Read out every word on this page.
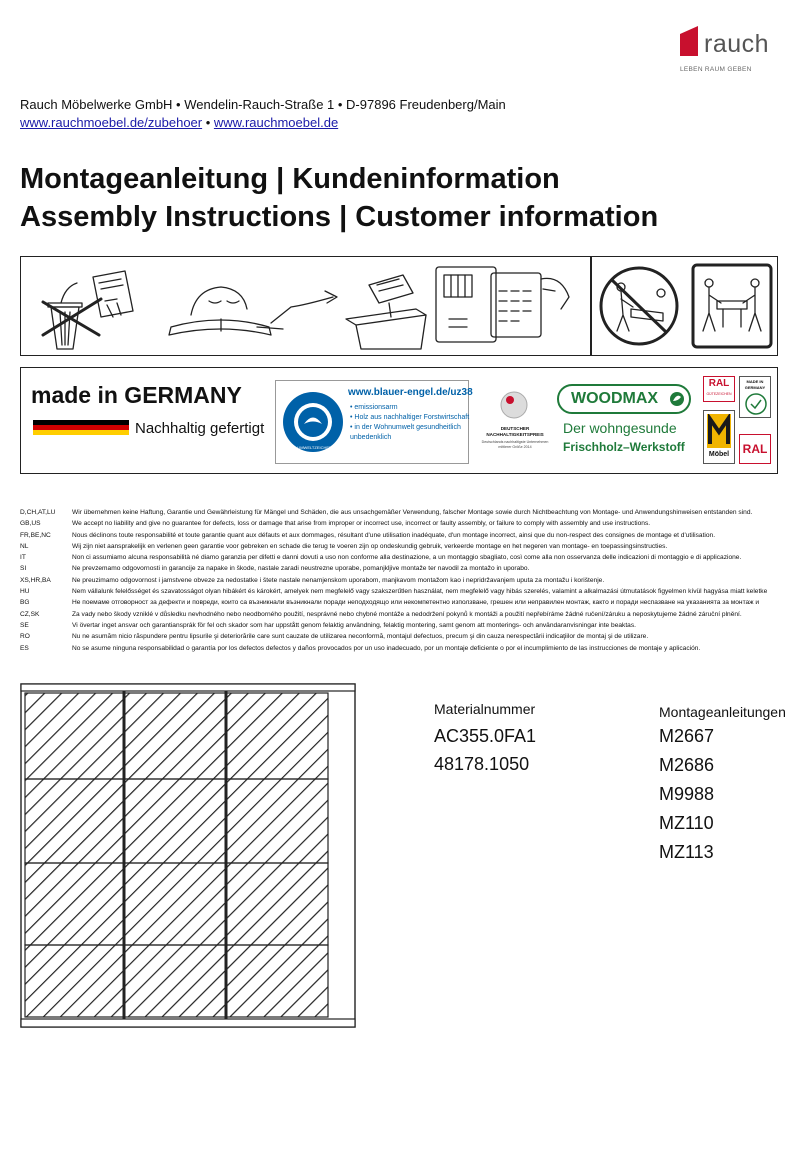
rauch
LEBEN RAUM GEBEN
Rauch Möbelwerke GmbH • Wendelin-Rauch-Straße 1 • D-97896 Freudenberg/Main
www.rauchmoebel.de/zubehoer • www.rauchmoebel.de
Montageanleitung | Kundeninformation
Assembly Instructions | Customer information
made in GERMANY
Nachhaltig gefertigt
BLAUER ENGEL
DAS UMWELTZEICHEN
www.blauer-engel.de/uz38
• emissionsarm
• Holz aus nachhaltiger Forstwirtschaft
• in der Wohnumwelt gesundheitlich unbedenklich
DEUTSCHER NACHHALTIGKEITSPREIS
Deutschlands nachhaltigste Unternehmen mittlerer Größe 2014
WOODMAX
Der wohngesunde
Frischholz–Werkstoff
RAL
GÜTEZEICHEN
MADE IN GERMANY
Möbel	RAL
D,CH,AT,LU	Wir übernehmen keine Haftung, Garantie und Gewährleistung für Mängel und Schäden, die aus unsachgemäßer Verwendung, falscher Montage sowie durch Nichtbeachtung von Montage- und Anwendungshinweisen entstanden sind.
GB,US	We accept no liability and give no guarantee for defects, loss or damage that arise from improper or incorrect use, incorrect or faulty assembly, or failure to comply with assembly and use instructions.
FR,BE,NC	Nous déclinons toute responsabilité et toute garantie quant aux défauts et aux dommages, résultant d'une utilisation inadéquate, d'un montage incorrect, ainsi que du non-respect des consignes de montage et d'utilisation.
NL	Wij zijn niet aansprakelijk en verlenen geen garantie voor gebreken en schade die terug te voeren zijn op ondeskundig gebruik, verkeerde montage en het negeren van montage- en toepassingsinstructies.
IT	Non ci assumiamo alcuna responsabilità né diamo garanzia per difetti e danni dovuti a uso non conforme alla destinazione, a un montaggio sbagliato, così come alla non osservanza delle indicazioni di montaggio e di applicazione.
SI	Ne prevzemamo odgovornosti in garancije za napake in škode, nastale zaradi neustrezne uporabe, pomanjkljive montaže ter navodil za montažo in uporabo.
XS,HR,BA	Ne preuzimamo odgovornost i jamstvene obveze za nedostatke i štete nastale nenamjenskom uporabom, manjkavom montažom kao i nepridržavanjem uputa za montažu i korištenje.
HU	Nem vállalunk felelősséget és szavatosságot olyan hibákért és károkért, amelyek nem megfelelő vagy szakszerűtlen használat, nem megfelelő vagy hibás szerelés, valamint a alkalmazási útmutatások figyelmen kívül hagyása miatt keletke
BG	Не поемаме отговорност за дефекти и повреди, които са възникнали възникнали поради неподходящо или некомпетентно използване, грешен или неправилен монтаж, както и поради неспазване на указанията за монтаж и
CZ,SK	Za vady nebo škody vzniklé v důsledku nevhodného nebo neodborného použití, nesprávné nebo chybné montáže a nedodržení pokynů k montáži a použití nepřebíráme žádné ručení/záruku a neposkytujeme žádné záruční plnění.
SE	Vi övertar inget ansvar och garantiansprák för fel och skador som har uppstått genom felaktig användning, felaktig montering, samt genom att monterings- och användaranvisningar inte beaktas.
RO	Nu ne asumăm nicio răspundere pentru lipsurile şi deteriorările care sunt cauzate de utilizarea neconformă, montajul defectuos, precum şi din cauza nerespectării indicaţiilor de montaj şi de utilizare.
ES	No se asume ninguna responsabilidad o garantía por los defectos defectos y daños provocados por un uso inadecuado, por un montaje deficiente o por el incumplimiento de las instrucciones de montaje y aplicación.
Materialnummer
AC355.0FA1
48178.1050
Montageanleitungen
M2667
M2686
M9988
MZ110
MZ113
